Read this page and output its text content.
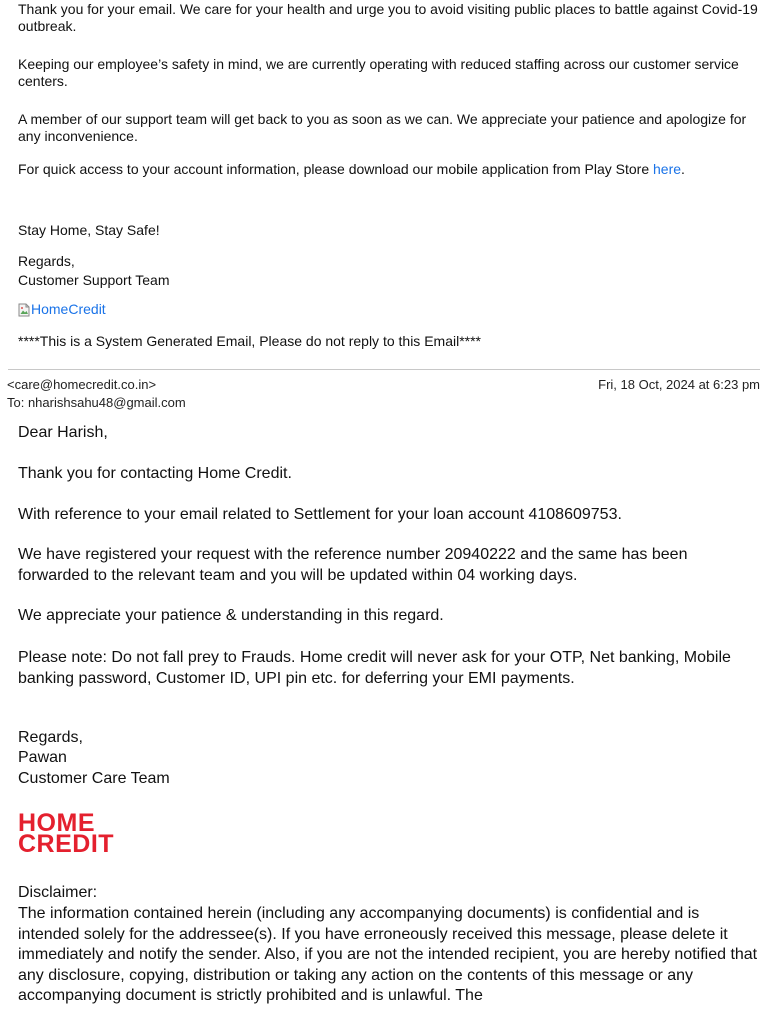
Thank you for your email. We care for your health and urge you to avoid visiting public places to battle against Covid-19 outbreak.

Keeping our employee’s safety in mind, we are currently operating with reduced staffing across our customer service centers.

A member of our support team will get back to you as soon as we can. We appreciate your patience and apologize for any inconvenience.

For quick access to your account information, please download our mobile application from Play Store here.

Stay Home, Stay Safe!

Regards,

Customer Support Team

HomeCredit

****This is a System Generated Email, Please do not reply to this Email****

<care@homecredit.co.in>
To: nharishsahu48@gmail.com
Fri, 18 Oct, 2024 at 6:23 pm

Dear Harish,

Thank you for contacting Home Credit.

With reference to your email related to Settlement for your loan account 4108609753.

We have registered your request with the reference number 20940222 and the same has been forwarded to the relevant team and you will be updated within 04 working days.

We appreciate your patience & understanding in this regard.

Please note: Do not fall prey to Frauds. Home credit will never ask for your OTP, Net banking, Mobile banking password, Customer ID, UPI pin etc. for deferring your EMI payments.

Regards,

Pawan

Customer Care Team

Disclaimer:

The information contained herein (including any accompanying documents) is confidential and is intended solely for the addressee(s). If you have erroneously received this message, please delete it immediately and notify the sender. Also, if you are not the intended recipient, you are hereby notified that any disclosure, copying, distribution or taking any action on the contents of this message or any accompanying document is strictly prohibited and is unlawful. The

HOME
CREDIT
